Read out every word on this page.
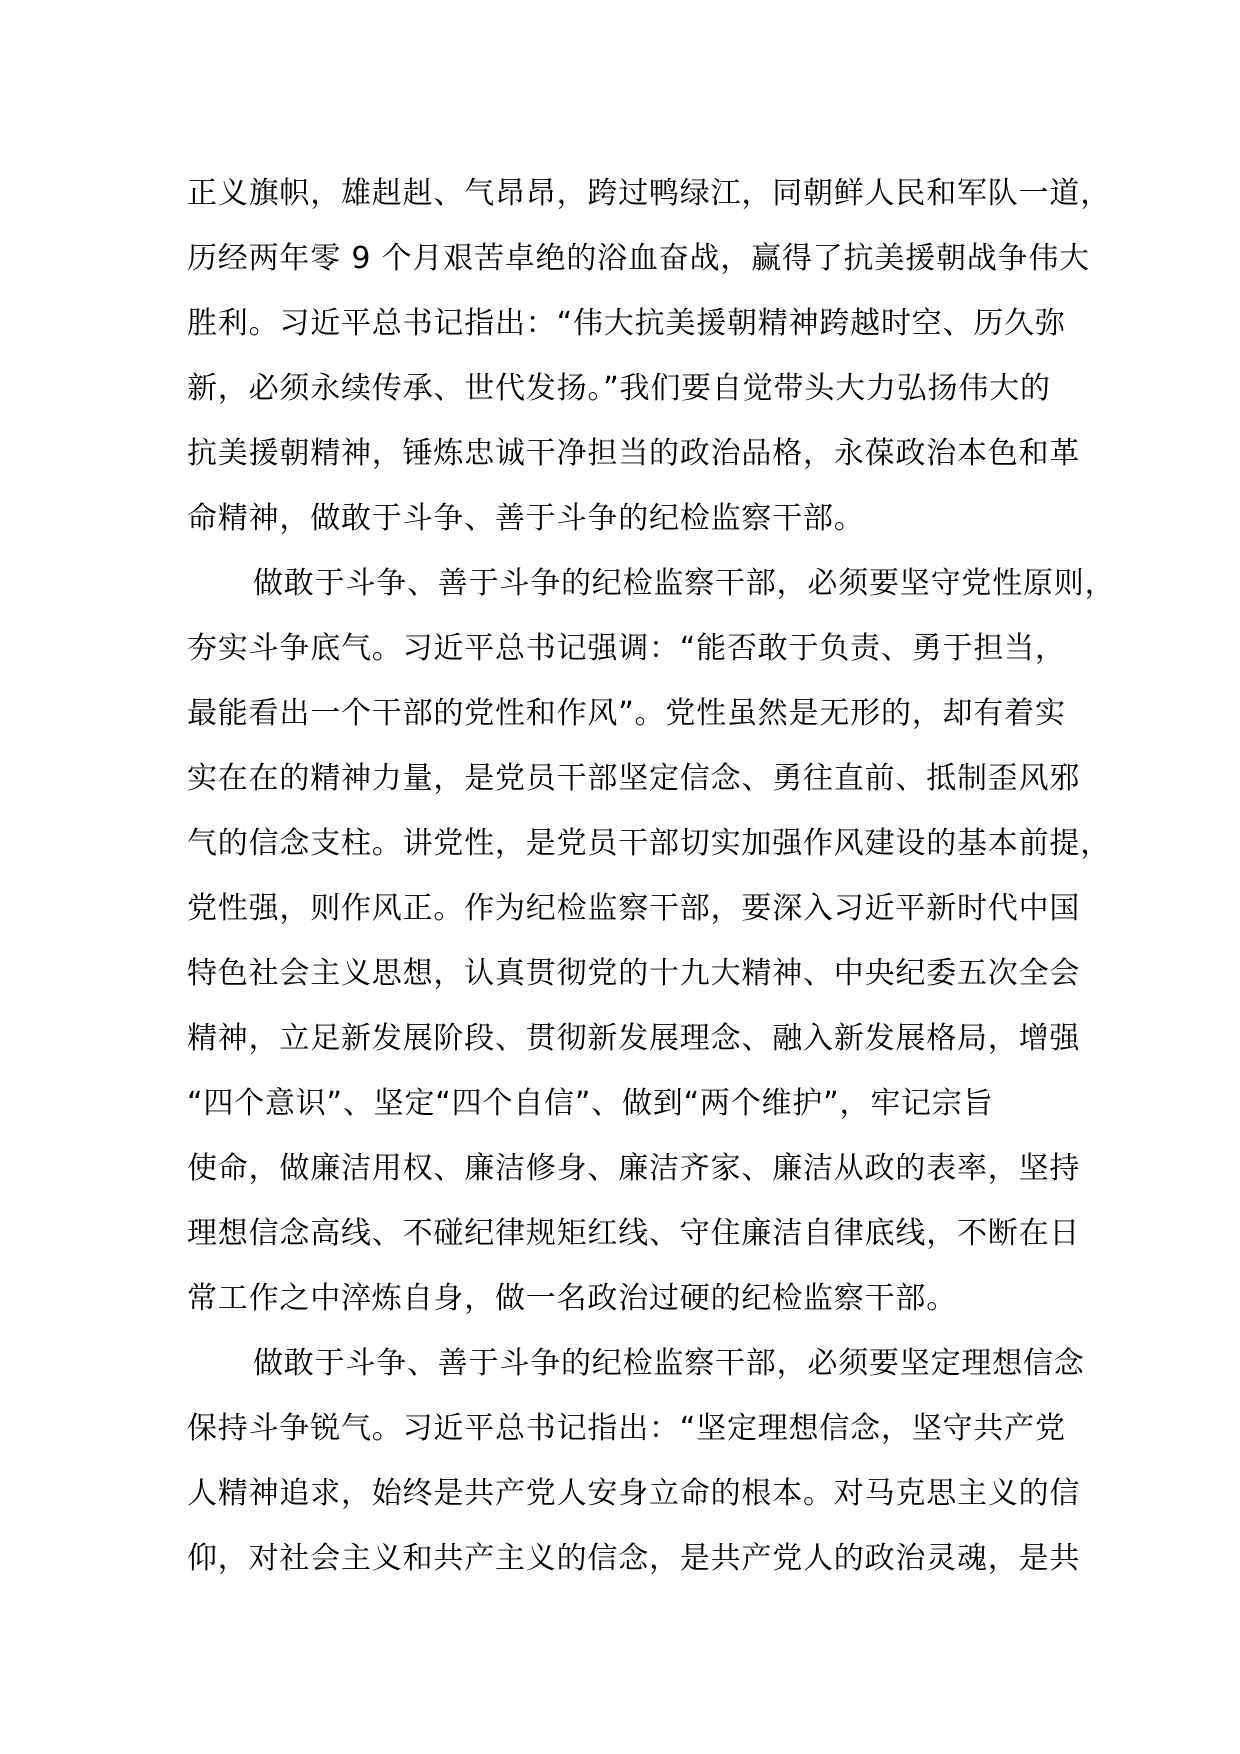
正义旗帜，雄赳赳、气昂昂，跨过鸭绿江，同朝鲜人民和军队一道，
历经两年零 9 个月艰苦卓绝的浴血奋战，赢得了抗美援朝战争伟大
胜利。习近平总书记指出：“伟大抗美援朝精神跨越时空、历久弥
新，必须永续传承、世代发扬。”我们要自觉带头大力弘扬伟大的
抗美援朝精神，锤炼忠诚干净担当的政治品格，永葆政治本色和革
命精神，做敢于斗争、善于斗争的纪检监察干部。
做敢于斗争、善于斗争的纪检监察干部，必须要坚守党性原则，
夯实斗争底气。习近平总书记强调：“能否敢于负责、勇于担当，
最能看出一个干部的党性和作风”。党性虽然是无形的，却有着实
实在在的精神力量，是党员干部坚定信念、勇往直前、抵制歪风邪
气的信念支柱。讲党性，是党员干部切实加强作风建设的基本前提，
党性强，则作风正。作为纪检监察干部，要深入习近平新时代中国
特色社会主义思想，认真贯彻党的十九大精神、中央纪委五次全会
精神，立足新发展阶段、贯彻新发展理念、融入新发展格局，增强
“四个意识”、坚定“四个自信”、做到“两个维护”，牢记宗旨
使命，做廉洁用权、廉洁修身、廉洁齐家、廉洁从政的表率，坚持
理想信念高线、不碰纪律规矩红线、守住廉洁自律底线，不断在日
常工作之中淬炼自身，做一名政治过硬的纪检监察干部。
做敢于斗争、善于斗争的纪检监察干部，必须要坚定理想信念
保持斗争锐气。习近平总书记指出：“坚定理想信念，坚守共产党
人精神追求，始终是共产党人安身立命的根本。对马克思主义的信
仰，对社会主义和共产主义的信念，是共产党人的政治灵魂，是共
